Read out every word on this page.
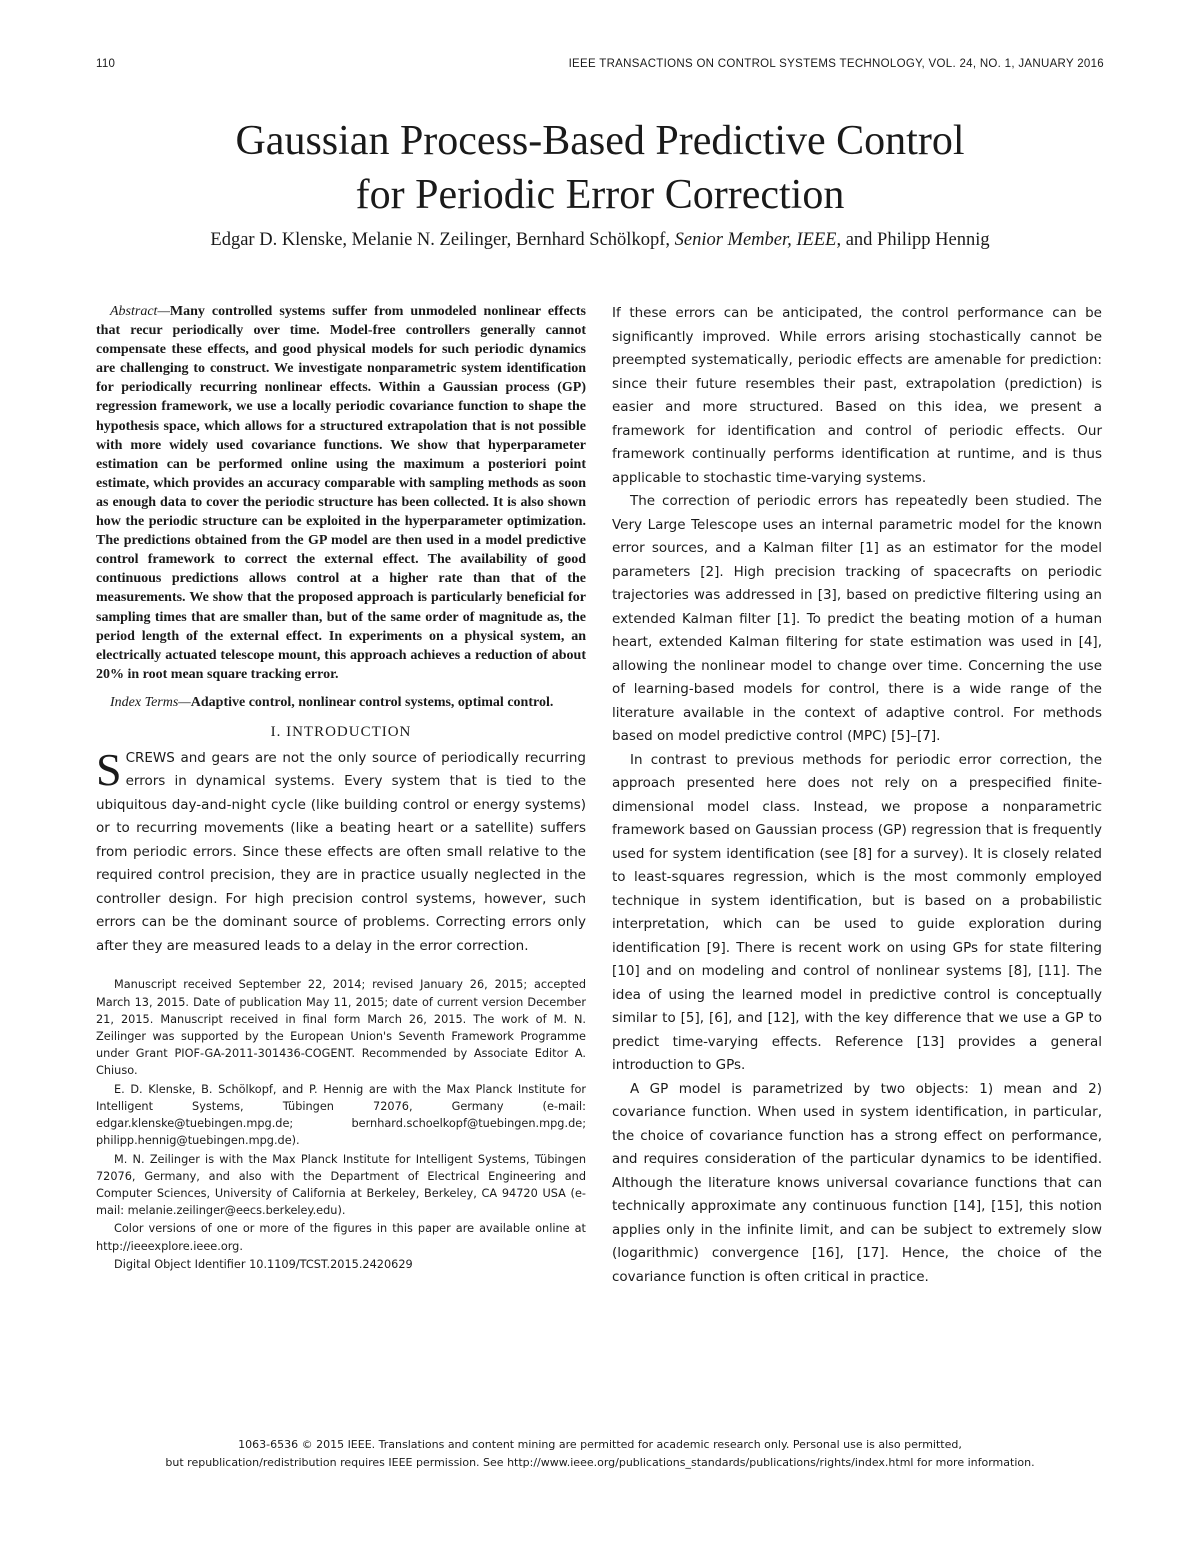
110	IEEE TRANSACTIONS ON CONTROL SYSTEMS TECHNOLOGY, VOL. 24, NO. 1, JANUARY 2016
Gaussian Process-Based Predictive Control
for Periodic Error Correction
Edgar D. Klenske, Melanie N. Zeilinger, Bernhard Schölkopf, Senior Member, IEEE, and Philipp Hennig

Abstract—Many controlled systems suffer from unmodeled nonlinear effects that recur periodically over time. Model-free controllers generally cannot compensate these effects, and good physical models for such periodic dynamics are challenging to construct. We investigate nonparametric system identification for periodically recurring nonlinear effects. Within a Gaussian process (GP) regression framework, we use a locally periodic covariance function to shape the hypothesis space, which allows for a structured extrapolation that is not possible with more widely used covariance functions. We show that hyperparameter estimation can be performed online using the maximum a posteriori point estimate, which provides an accuracy comparable with sampling methods as soon as enough data to cover the periodic structure has been collected. It is also shown how the periodic structure can be exploited in the hyperparameter optimization. The predictions obtained from the GP model are then used in a model predictive control framework to correct the external effect. The availability of good continuous predictions allows control at a higher rate than that of the measurements. We show that the proposed approach is particularly beneficial for sampling times that are smaller than, but of the same order of magnitude as, the period length of the external effect. In experiments on a physical system, an electrically actuated telescope mount, this approach achieves a reduction of about 20% in root mean square tracking error.

Index Terms—Adaptive control, nonlinear control systems, optimal control.

I. INTRODUCTION

SCREWS and gears are not the only source of periodically recurring errors in dynamical systems. Every system that is tied to the ubiquitous day-and-night cycle (like building control or energy systems) or to recurring movements (like a beating heart or a satellite) suffers from periodic errors. Since these effects are often small relative to the required control precision, they are in practice usually neglected in the controller design. For high precision control systems, however, such errors can be the dominant source of problems. Correcting errors only after they are measured leads to a delay in the error correction.

Manuscript received September 22, 2014; revised January 26, 2015; accepted March 13, 2015. Date of publication May 11, 2015; date of current version December 21, 2015. Manuscript received in final form March 26, 2015. The work of M. N. Zeilinger was supported by the European Union's Seventh Framework Programme under Grant PIOF-GA-2011-301436-COGENT. Recommended by Associate Editor A. Chiuso.

E. D. Klenske, B. Schölkopf, and P. Hennig are with the Max Planck Institute for Intelligent Systems, Tübingen 72076, Germany (e-mail: edgar.klenske@tuebingen.mpg.de; bernhard.schoelkopf@tuebingen.mpg.de; philipp.hennig@tuebingen.mpg.de).

M. N. Zeilinger is with the Max Planck Institute for Intelligent Systems, Tübingen 72076, Germany, and also with the Department of Electrical Engineering and Computer Sciences, University of California at Berkeley, Berkeley, CA 94720 USA (e-mail: melanie.zeilinger@eecs.berkeley.edu).

Color versions of one or more of the figures in this paper are available online at http://ieeexplore.ieee.org.

Digital Object Identifier 10.1109/TCST.2015.2420629

If these errors can be anticipated, the control performance can be significantly improved. While errors arising stochastically cannot be preempted systematically, periodic effects are amenable for prediction: since their future resembles their past, extrapolation (prediction) is easier and more structured. Based on this idea, we present a framework for identification and control of periodic effects. Our framework continually performs identification at runtime, and is thus applicable to stochastic time-varying systems.

The correction of periodic errors has repeatedly been studied. The Very Large Telescope uses an internal parametric model for the known error sources, and a Kalman filter [1] as an estimator for the model parameters [2]. High precision tracking of spacecrafts on periodic trajectories was addressed in [3], based on predictive filtering using an extended Kalman filter [1]. To predict the beating motion of a human heart, extended Kalman filtering for state estimation was used in [4], allowing the nonlinear model to change over time. Concerning the use of learning-based models for control, there is a wide range of the literature available in the context of adaptive control. For methods based on model predictive control (MPC) [5]–[7].

In contrast to previous methods for periodic error correction, the approach presented here does not rely on a prespecified finite-dimensional model class. Instead, we propose a nonparametric framework based on Gaussian process (GP) regression that is frequently used for system identification (see [8] for a survey). It is closely related to least-squares regression, which is the most commonly employed technique in system identification, but is based on a probabilistic interpretation, which can be used to guide exploration during identification [9]. There is recent work on using GPs for state filtering [10] and on modeling and control of nonlinear systems [8], [11]. The idea of using the learned model in predictive control is conceptually similar to [5], [6], and [12], with the key difference that we use a GP to predict time-varying effects. Reference [13] provides a general introduction to GPs.

A GP model is parametrized by two objects: 1) mean and 2) covariance function. When used in system identification, in particular, the choice of covariance function has a strong effect on performance, and requires consideration of the particular dynamics to be identified. Although the literature knows universal covariance functions that can technically approximate any continuous function [14], [15], this notion applies only in the infinite limit, and can be subject to extremely slow (logarithmic) convergence [16], [17]. Hence, the choice of the covariance function is often critical in practice.

1063-6536 © 2015 IEEE. Translations and content mining are permitted for academic research only. Personal use is also permitted,
but republication/redistribution requires IEEE permission. See http://www.ieee.org/publications_standards/publications/rights/index.html for more information.
